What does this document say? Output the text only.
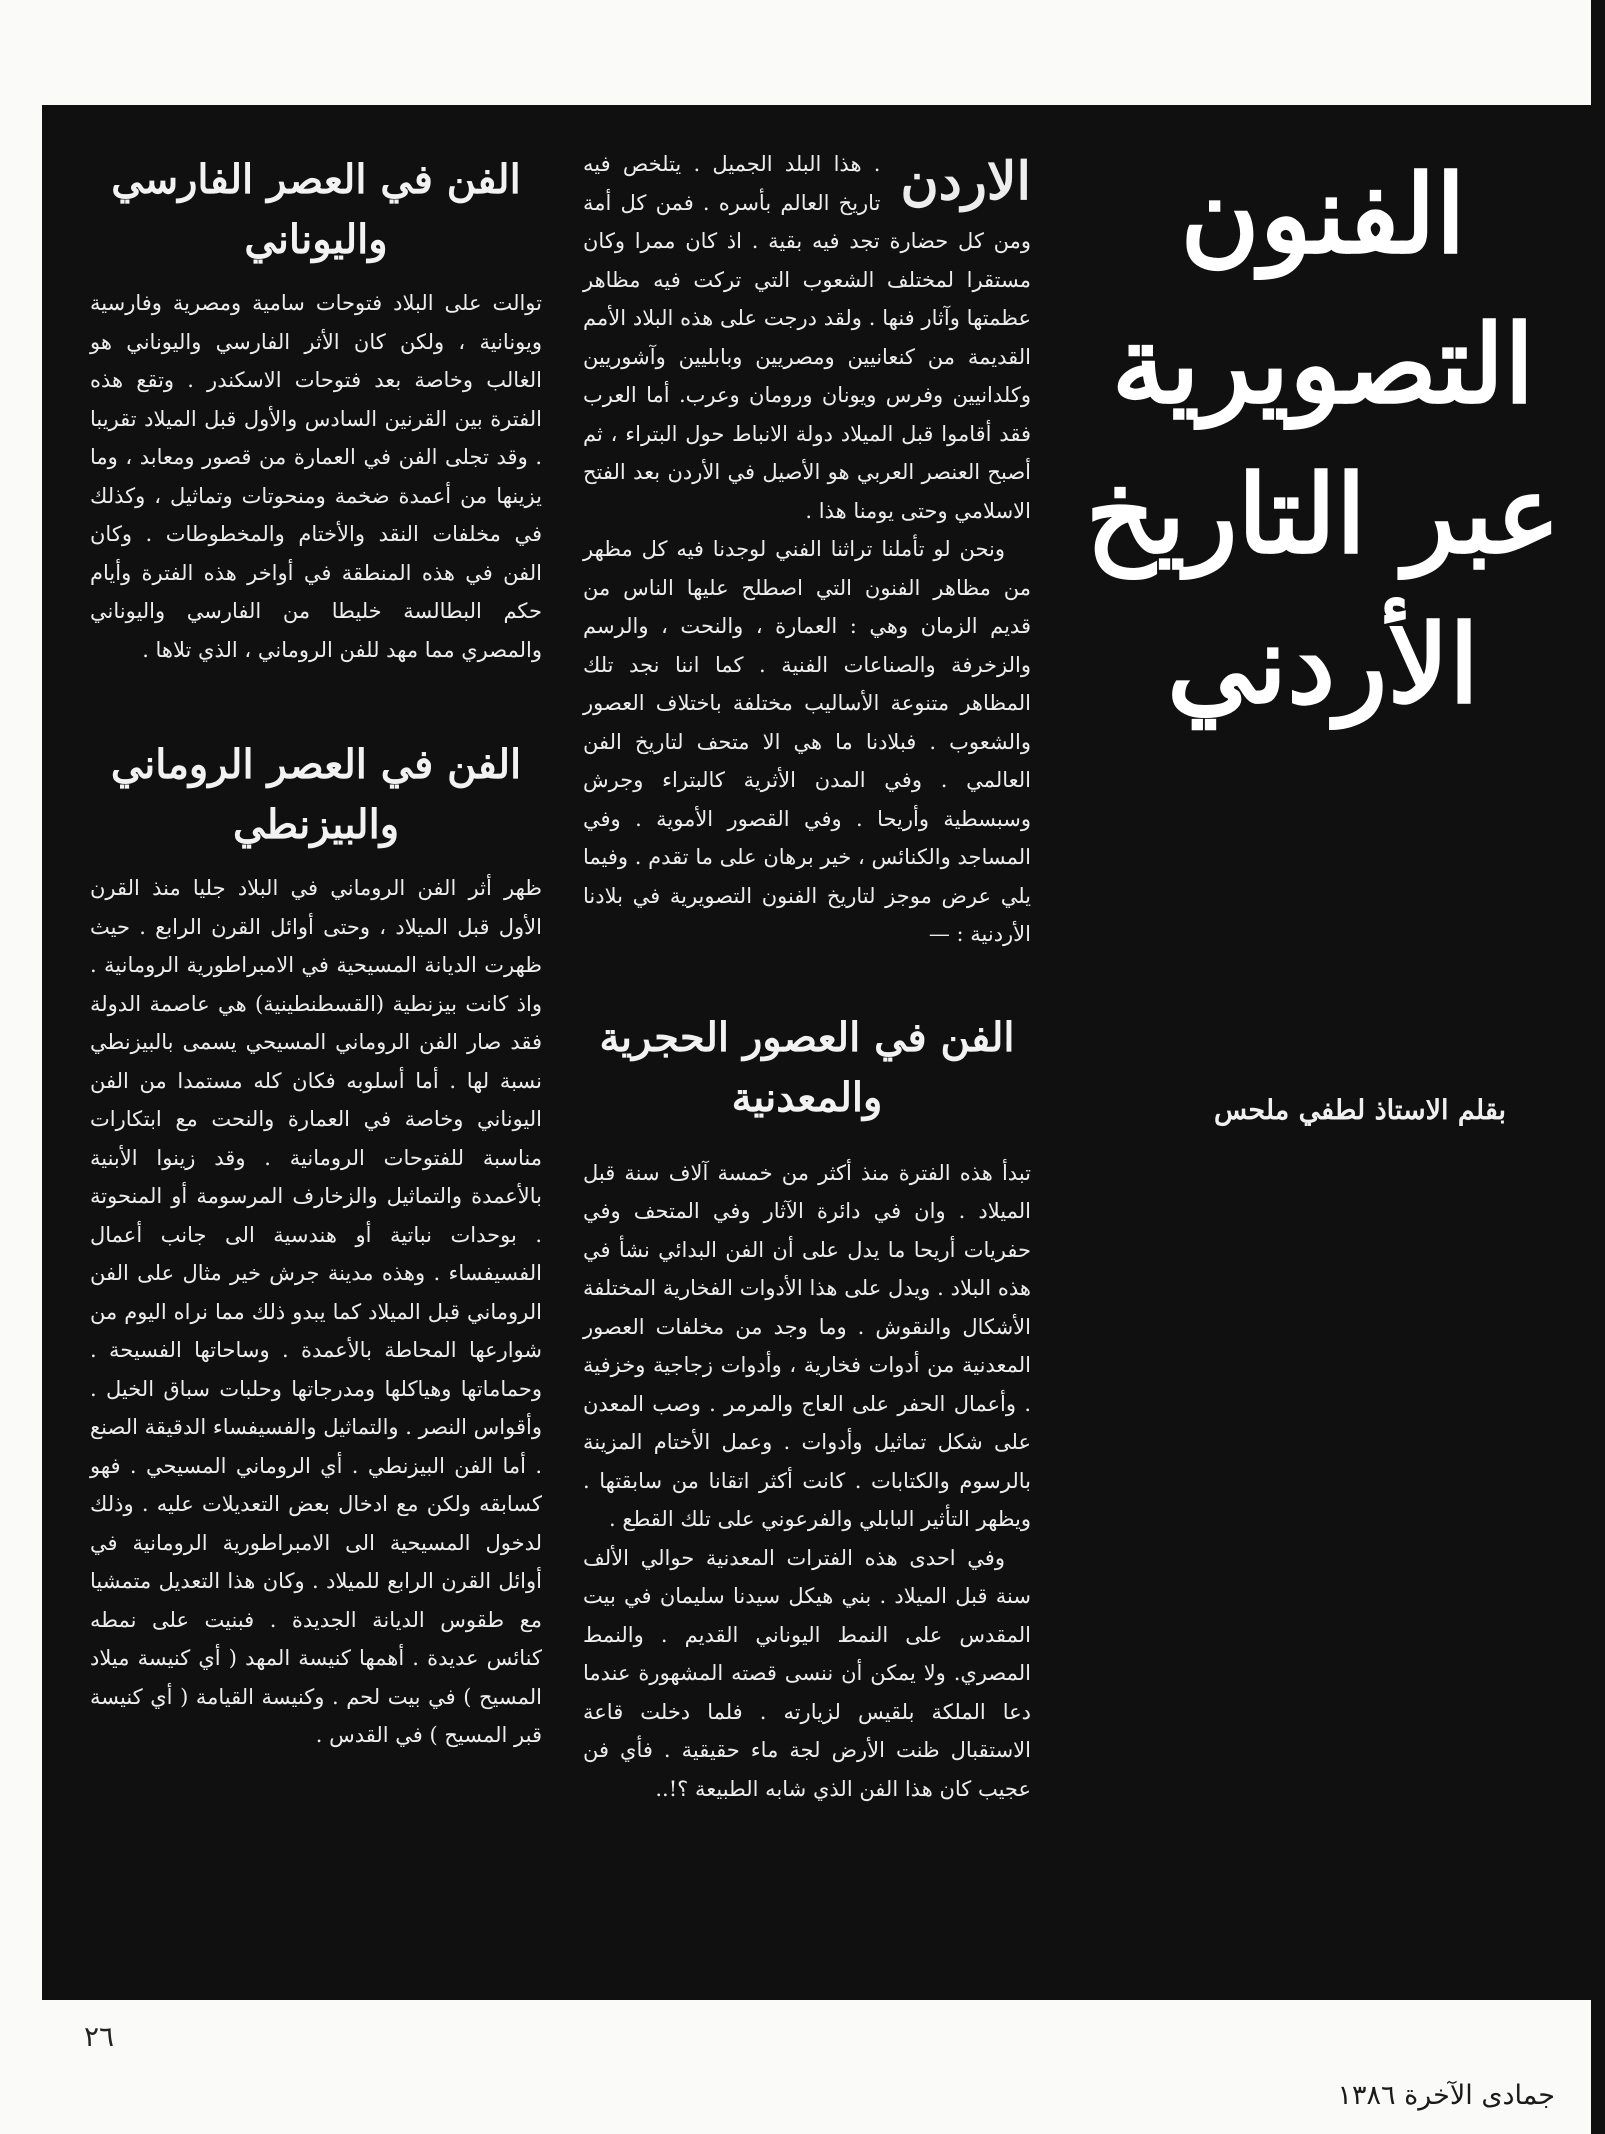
الفنون
التصويرية
عبر التاريخ
الأردني
بقلم الاستاذ لطفي ملحس

الاردن
. هذا البلد الجميل . يتلخص فيه تاريخ العالم بأسره . فمن كل أمة ومن كل حضارة تجد فيه بقية . اذ كان ممرا وكان مستقرا لمختلف الشعوب التي تركت فيه مظاهر عظمتها وآثار فنها . ولقد درجت على هذه البلاد الأمم القديمة من كنعانيين ومصريين وبابليين وآشوريين وكلدانيين وفرس ويونان ورومان وعرب. أما العرب فقد أقاموا قبل الميلاد دولة الانباط حول البتراء ، ثم أصبح العنصر العربي هو الأصيل في الأردن بعد الفتح الاسلامي وحتى يومنا هذا .

ونحن لو تأملنا تراثنا الفني لوجدنا فيه كل مظهر من مظاهر الفنون التي اصطلح عليها الناس من قديم الزمان وهي : العمارة ، والنحت ، والرسم والزخرفة والصناعات الفنية . كما اننا نجد تلك المظاهر متنوعة الأساليب مختلفة باختلاف العصور والشعوب . فبلادنا ما هي الا متحف لتاريخ الفن العالمي . وفي المدن الأثرية كالبتراء وجرش وسبسطية وأريحا . وفي القصور الأموية . وفي المساجد والكنائس ، خير برهان على ما تقدم . وفيما يلي عرض موجز لتاريخ الفنون التصويرية في بلادنا الأردنية : —

الفن في العصور الحجرية والمعدنية

تبدأ هذه الفترة منذ أكثر من خمسة آلاف سنة قبل الميلاد . وان في دائرة الآثار وفي المتحف وفي حفريات أريحا ما يدل على أن الفن البدائي نشأ في هذه البلاد . ويدل على هذا الأدوات الفخارية المختلفة الأشكال والنقوش . وما وجد من مخلفات العصور المعدنية من أدوات فخارية ، وأدوات زجاجية وخزفية . وأعمال الحفر على العاج والمرمر . وصب المعدن على شكل تماثيل وأدوات . وعمل الأختام المزينة بالرسوم والكتابات . كانت أكثر اتقانا من سابقتها . ويظهر التأثير البابلي والفرعوني على تلك القطع .

وفي احدى هذه الفترات المعدنية حوالي الألف سنة قبل الميلاد . بني هيكل سيدنا سليمان في بيت المقدس على النمط اليوناني القديم . والنمط المصري. ولا يمكن أن ننسى قصته المشهورة عندما دعا الملكة بلقيس لزيارته . فلما دخلت قاعة الاستقبال ظنت الأرض لجة ماء حقيقية . فأي فن عجيب كان هذا الفن الذي شابه الطبيعة ؟!..

الفن في العصر الفارسي واليوناني

توالت على البلاد فتوحات سامية ومصرية وفارسية ويونانية ، ولكن كان الأثر الفارسي واليوناني هو الغالب وخاصة بعد فتوحات الاسكندر . وتقع هذه الفترة بين القرنين السادس والأول قبل الميلاد تقريبا . وقد تجلى الفن في العمارة من قصور ومعابد ، وما يزينها من أعمدة ضخمة ومنحوتات وتماثيل ، وكذلك في مخلفات النقد والأختام والمخطوطات . وكان الفن في هذه المنطقة في أواخر هذه الفترة وأيام حكم البطالسة خليطا من الفارسي واليوناني والمصري مما مهد للفن الروماني ، الذي تلاها .

الفن في العصر الروماني والبيزنطي

ظهر أثر الفن الروماني في البلاد جليا منذ القرن الأول قبل الميلاد ، وحتى أوائل القرن الرابع . حيث ظهرت الديانة المسيحية في الامبراطورية الرومانية . واذ كانت بيزنطية (القسطنطينية) هي عاصمة الدولة فقد صار الفن الروماني المسيحي يسمى بالبيزنطي نسبة لها . أما أسلوبه فكان كله مستمدا من الفن اليوناني وخاصة في العمارة والنحت مع ابتكارات مناسبة للفتوحات الرومانية . وقد زينوا الأبنية بالأعمدة والتماثيل والزخارف المرسومة أو المنحوتة . بوحدات نباتية أو هندسية الى جانب أعمال الفسيفساء . وهذه مدينة جرش خير مثال على الفن الروماني قبل الميلاد كما يبدو ذلك مما نراه اليوم من شوارعها المحاطة بالأعمدة . وساحاتها الفسيحة . وحماماتها وهياكلها ومدرجاتها وحلبات سباق الخيل . وأقواس النصر . والتماثيل والفسيفساء الدقيقة الصنع . أما الفن البيزنطي . أي الروماني المسيحي . فهو كسابقه ولكن مع ادخال بعض التعديلات عليه . وذلك لدخول المسيحية الى الامبراطورية الرومانية في أوائل القرن الرابع للميلاد . وكان هذا التعديل متمشيا مع طقوس الديانة الجديدة . فبنيت على نمطه كنائس عديدة . أهمها كنيسة المهد ( أي كنيسة ميلاد المسيح ) في بيت لحم . وكنيسة القيامة ( أي كنيسة قبر المسيح ) في القدس .

٢٦
جمادى الآخرة ١٣٨٦
